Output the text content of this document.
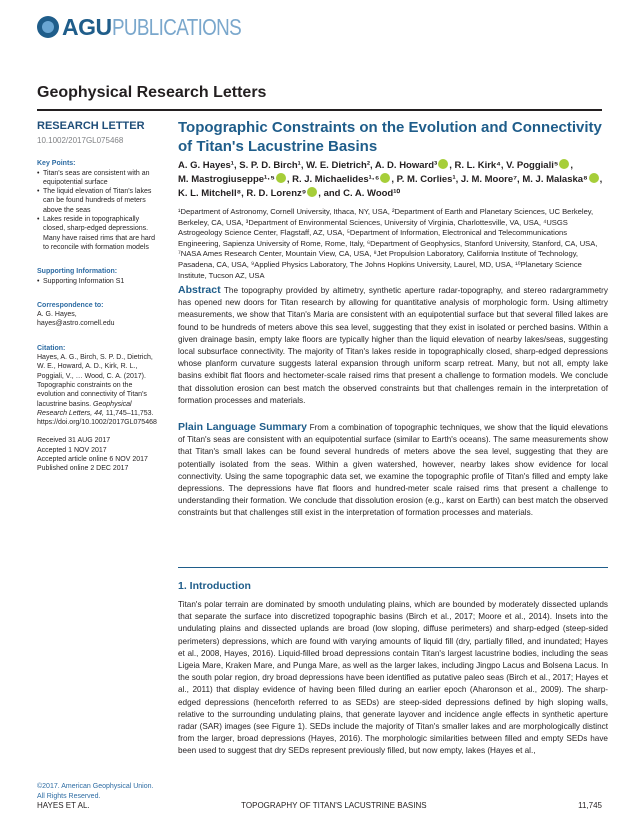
AGU PUBLICATIONS
Geophysical Research Letters
RESEARCH LETTER
10.1002/2017GL075468
Key Points:
• Titan's seas are consistent with an equipotential surface
• The liquid elevation of Titan's lakes can be found hundreds of meters above the seas
• Lakes reside in topographically closed, sharp-edged depressions. Many have raised rims that are hard to reconcile with formation models
Supporting Information:
• Supporting Information S1
Correspondence to:
A. G. Hayes,
hayes@astro.cornell.edu
Citation:
Hayes, A. G., Birch, S. P. D., Dietrich, W. E., Howard, A. D., Kirk, R. L., Poggiali, V., … Wood, C. A. (2017). Topographic constraints on the evolution and connectivity of Titan's lacustrine basins. Geophysical Research Letters, 44, 11,745–11,753. https://doi.org/10.1002/2017GL075468
Received 31 AUG 2017
Accepted 1 NOV 2017
Accepted article online 6 NOV 2017
Published online 2 DEC 2017
©2017. American Geophysical Union.
All Rights Reserved.
Topographic Constraints on the Evolution and Connectivity of Titan's Lacustrine Basins
A. G. Hayes¹, S. P. D. Birch¹, W. E. Dietrich², A. D. Howard³ , R. L. Kirk⁴, V. Poggiali⁵ ,
M. Mastrogiuseppe¹·⁵ , R. J. Michaelides¹·⁶ , P. M. Corlies¹, J. M. Moore⁷, M. J. Malaska⁸ ,
K. L. Mitchell⁸, R. D. Lorenz⁹ , and C. A. Wood¹⁰
¹Department of Astronomy, Cornell University, Ithaca, NY, USA, ²Department of Earth and Planetary Sciences, UC Berkeley, Berkeley, CA, USA, ³Department of Environmental Sciences, University of Virginia, Charlottesville, VA, USA, ⁴USGS Astrogeology Science Center, Flagstaff, AZ, USA, ⁵Department of Information, Electronical and Telecommunications Engineering, Sapienza University of Rome, Rome, Italy, ⁶Department of Geophysics, Stanford University, Stanford, CA, USA, ⁷NASA Ames Research Center, Mountain View, CA, USA, ⁸Jet Propulsion Laboratory, California Institute of Technology, Pasadena, CA, USA, ⁹Applied Physics Laboratory, The Johns Hopkins University, Laurel, MD, USA, ¹⁰Planetary Science Institute, Tucson AZ, USA
Abstract The topography provided by altimetry, synthetic aperture radar-topography, and stereo radargrammetry has opened new doors for Titan research by allowing for quantitative analysis of morphologic form. Using altimetry measurements, we show that Titan's Maria are consistent with an equipotential surface but that several filled lakes are found to be hundreds of meters above this sea level, suggesting that they exist in isolated or perched basins. Within a given drainage basin, empty lake floors are typically higher than the liquid elevation of nearby lakes/seas, suggesting local subsurface connectivity. The majority of Titan's lakes reside in topographically closed, sharp-edged depressions whose planform curvature suggests lateral expansion through uniform scarp retreat. Many, but not all, empty lake basins exhibit flat floors and hectometer-scale raised rims that present a challenge to formation models. We conclude that dissolution erosion can best match the observed constraints but that challenges remain in the interpretation of formation processes and materials.
Plain Language Summary From a combination of topographic techniques, we show that the liquid elevations of Titan's seas are consistent with an equipotential surface (similar to Earth's oceans). The same measurements show that Titan's small lakes can be found several hundreds of meters above the sea level, suggesting that they are potentially isolated from the seas. Within a given watershed, however, nearby lakes show evidence for local connectivity. Using the same topographic data set, we examine the topographic profile of Titan's filled and empty lake depressions. The depressions have flat floors and hundred-meter scale raised rims that present a challenge to understanding their formation. We conclude that dissolution erosion (e.g., karst on Earth) can best match the observed constraints but that challenges still exist in the interpretation of formation processes and materials.
1. Introduction
Titan's polar terrain are dominated by smooth undulating plains, which are bounded by moderately dissected uplands that separate the surface into discretized topographic basins (Birch et al., 2017; Moore et al., 2014). Insets into the undulating plains and dissected uplands are broad (low sloping, diffuse perimeters) and sharp-edged (steep-sided perimeters) depressions, which are found with varying amounts of liquid fill (dry, partially filled, and inundated; Hayes et al., 2008, Hayes, 2016). Liquid-filled broad depressions contain Titan's largest lacustrine bodies, including the seas Ligeia Mare, Kraken Mare, and Punga Mare, as well as the larger lakes, including Jingpo Lacus and Bolsena Lacus. In the south polar region, dry broad depressions have been identified as putative paleo seas (Birch et al., 2017; Hayes et al., 2011) that display evidence of having been filled during an earlier epoch (Aharonson et al., 2009). The sharp-edged depressions (henceforth referred to as SEDs) are steep-sided depressions defined by high sloping walls, relative to the surrounding undulating plains, that generate layover and incidence angle effects in synthetic aperture radar (SAR) images (see Figure 1). SEDs include the majority of Titan's smaller lakes and are morphologically distinct from the larger, broad depressions (Hayes, 2016). The morphologic similarities between filled and empty SEDs have been used to suggest that dry SEDs represent previously filled, but now empty, lakes (Hayes et al.,
HAYES ET AL.	TOPOGRAPHY OF TITAN'S LACUSTRINE BASINS	11,745
